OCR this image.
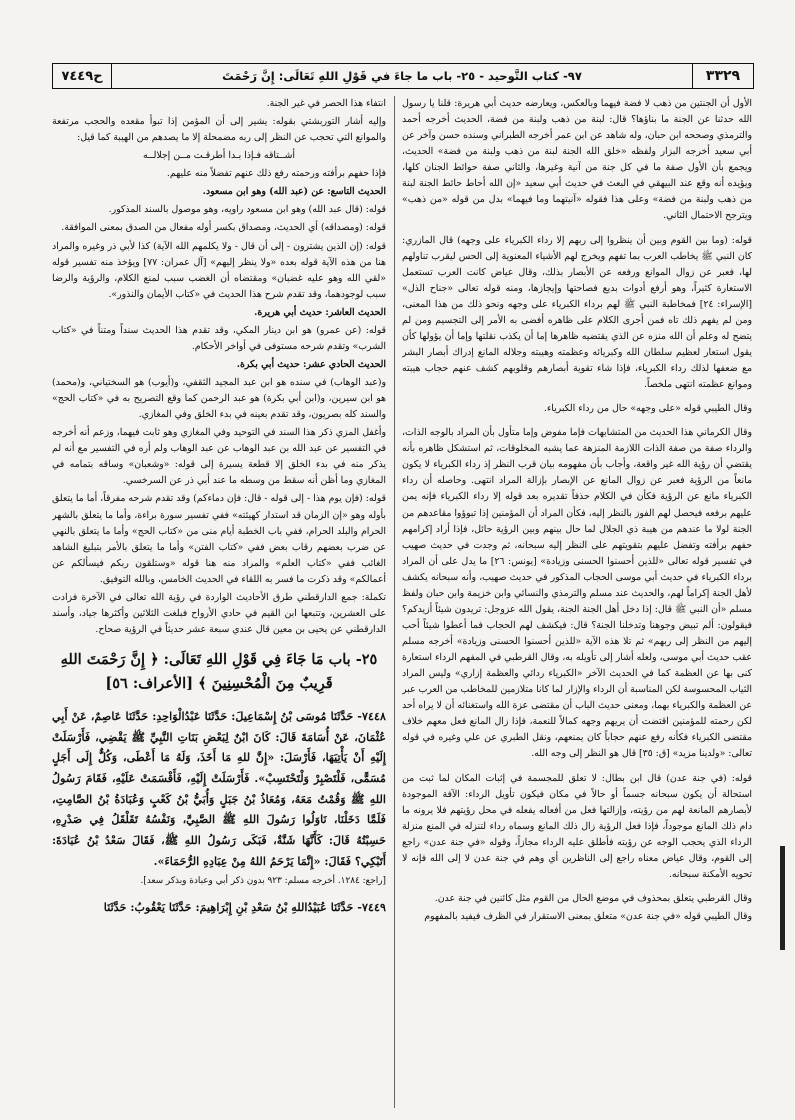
٣٣٢٩
٩٧- كتاب التَّوحيد - ٢٥- باب ما جاءَ في قَوْلِ اللهِ تَعَالَى: إِنَّ رَحْمَتَ
ح٧٤٤٩

الأول أن الجنتين من ذهب لا فضة فيهما وبالعكس، ويعارضه حديث أبي هريرة: قلنا يا رسول الله حدثنا عن الجنة ما بناؤها؟ قال: لبنة من ذهب ولبنة من فضة، الحديث أخرجه أحمد والترمذي وصححه ابن حبان، وله شاهد عن ابن عمر أخرجه الطبراني وسنده حسن وآخر عن أبي سعيد أخرجه البزار ولفظه «خلق الله الجنة لبنة من ذهب ولبنة من فضة» الحديث، ويجمع بأن الأول صفة ما في كل جنة من آنية وغيرها، والثاني صفة حوائط الجنان كلها، ويؤيده أنه وقع عند البيهقي في البعث في حديث أبي سعيد «إن الله أحاط حائط الجنة لبنة من ذهب ولبنة من فضة» وعلى هذا فقوله «آنيتهما وما فيهما» بدل من قوله «من ذهب» ويترجح الاحتمال الثاني.

قوله: (وما بين القوم وبين أن ينظروا إلى ربهم إلا رداء الكبرياء على وجهه) قال المازري: كان النبي ﷺ يخاطب العرب بما تفهم ويخرج لهم الأشياء المعنوية إلى الحس ليقرب تناولهم لها، فعبر عن زوال الموانع ورفعه عن الأبصار بذلك، وقال عياض كانت العرب تستعمل الاستعارة كثيراً، وهو أرفع أدوات بديع فصاحتها وإيجازها، ومنه قوله تعالى «جناح الذل» [الإسراء: ٢٤] فمخاطبة النبي ﷺ لهم برداء الكبرياء على وجهه ونحو ذلك من هذا المعنى، ومن لم يفهم ذلك تاه فمن أجرى الكلام على ظاهره أفضى به الأمر إلى التجسيم ومن لم يتضح له وعلم أن الله منزه عن الذي يقتضيه ظاهرها إما أن يكذب نقلتها وإما أن يؤولها كأن يقول استعار لعظيم سلطان الله وكبريائه وعظمته وهيبته وجلاله المانع إدراك أبصار البشر مع ضعفها لذلك رداء الكبرياء، فإذا شاء تقوية أبصارهم وقلوبهم كشف عنهم حجاب هيبته وموانع عظمته انتهى ملخصاً.

وقال الطيبي قوله «على وجهه» حال من رداء الكبرياء.

وقال الكرماني هذا الحديث من المتشابهات فإما مفوض وإما متأول بأن المراد بالوجه الذات، والرداء صفة من صفة الذات اللازمة المنزهة عما يشبه المخلوقات، ثم استشكل ظاهره بأنه يقتضي أن رؤية الله غير واقعة، وأجاب بأن مفهومه بيان قرب النظر إذ رداء الكبرياء لا يكون مانعاً من الرؤية فعبر عن زوال المانع عن الإبصار بإزالة المراد انتهى. وحاصله أن رداء الكبرياء مانع عن الرؤية فكأن في الكلام حذفاً تقديره بعد قوله إلا رداء الكبرياء فإنه يمن عليهم برفعه فيحصل لهم الفوز بالنظر إليه، فكأن المراد أن المؤمنين إذا تبوؤوا مقاعدهم من الجنة لولا ما عندهم من هيبة ذي الجلال لما حال بينهم وبين الرؤية حائل، فإذا أراد إكرامهم حفهم برأفته وتفضل عليهم بتقويتهم على النظر إليه سبحانه، ثم وجدت في حديث صهيب في تفسير قوله تعالى «للذين أحسنوا الحسنى وزيادة» [يونس: ٢٦] ما يدل على أن المراد برداء الكبرياء في حديث أبي موسى الحجاب المذكور في حديث صهيب، وأنه سبحانه يكشف لأهل الجنة إكراماً لهم، والحديث عند مسلم والترمذي والنسائي وابن خزيمة وابن حبان ولفظ مسلم «أن النبي ﷺ قال: إذا دخل أهل الجنة الجنة، يقول الله عزوجل: تريدون شيئاً أزيدكم؟ فيقولون: ألم تبيض وجوهنا وتدخلنا الجنة؟ قال: فيكشف لهم الحجاب فما أعطوا شيئاً أحب إليهم من النظر إلى ربهم» ثم تلا هذه الآية «للذين أحسنوا الحسنى وزيادة» أخرجه مسلم عقب حديث أبي موسى، ولعله أشار إلى تأويله به، وقال القرطبي في المفهم الرداء استعارة كنى بها عن العظمة كما في الحديث الآخر «الكبرياء ردائي والعظمة إزاري» وليس المراد الثياب المحسوسة لكن المناسبة أن الرداء والإزار لما كانا متلازمين للمخاطب من العرب عبر عن العظمة والكبرياء بهما، ومعنى حديث الباب أن مقتضى عزة الله واستغنائه أن لا يراه أحد لكن رحمته للمؤمنين اقتضت أن يريهم وجهه كمالاً للنعمة، فإذا زال المانع فعل معهم خلاف مقتضى الكبرياء فكأنه رفع عنهم حجاباً كان يمنعهم، ونقل الطبري عن علي وغيره في قوله تعالى: «ولدينا مزيد» [ق: ٣٥] قال هو النظر إلى وجه الله.

قوله: (في جنة عدن) قال ابن بطال: لا تعلق للمجسمة في إثبات المكان لما ثبت من استحالة أن يكون سبحانه جسماً أو حالاً في مكان فيكون تأويل الرداء: الآفة الموجودة لأبصارهم المانعة لهم من رؤيته، وإزالتها فعل من أفعاله يفعله في محل رؤيتهم فلا يرونه ما دام ذلك المانع موجوداً، فإذا فعل الرؤية زال ذلك المانع وسماه رداء لتنزله في المنع منزلة الرداء الذي يحجب الوجه عن رؤيته فأطلق عليه الرداء مجازاً، وقوله «في جنة عدن» راجع إلى القوم، وقال عياض معناه راجع إلى الناظرين أي وهم في جنة عدن لا إلى الله فإنه لا تحويه الأمكنة سبحانه.

وقال القرطبي يتعلق بمحذوف في موضع الحال من القوم مثل كائنين في جنة عدن.

وقال الطيبي قوله «في جنة عدن» متعلق بمعنى الاستقرار في الظرف فيفيد بالمفهوم

انتفاء هذا الحصر في غير الجنة.

وإليه أشار التوربشتي بقوله: يشير إلى أن المؤمن إذا تبوأ مقعده والحجب مرتفعة والموانع التي تحجب عن النظر إلى ربه مضمحلة إلا ما يصدهم من الهيبة كما قيل:

أشــتاقه فـإذا بـدا أطرقـت مــن إجلالــه

فإذا حفهم برأفته ورحمته رفع ذلك عنهم تفضلاً منه عليهم.

الحديث التاسع: عن (عبد الله) وهو ابن مسعود.

قوله: (قال عبد الله) وهو ابن مسعود راويه، وهو موصول بالسند المذكور.

قوله: (ومصداقه) أي الحديث، ومصداق بكسر أوله مفعال من الصدق بمعنى الموافقة.

قوله: (إن الذين يشترون - إلى أن قال - ولا يكلمهم الله الآية) كذا لأبي ذر وغيره والمراد هنا من هذه الآية قوله بعده «ولا ينظر إليهم» [آل عمران: ٧٧] ويؤخذ منه تفسير قوله «لقي الله وهو عليه غضبان» ومقتضاه أن الغضب سبب لمنع الكلام، والرؤية والرضا سبب لوجودهما، وقد تقدم شرح هذا الحديث في «كتاب الأيمان والنذور».

الحديث العاشر: حديث أبي هريرة.

قوله: (عن عمرو) هو ابن دينار المكي، وقد تقدم هذا الحديث سنداً ومتناً في «كتاب الشرب» وتقدم شرحه مستوفى في أواخر الأحكام.

الحديث الحادي عشر: حديث أبي بكرة.

و(عبد الوهاب) في سنده هو ابن عبد المجيد الثقفي، و(أيوب) هو السختياني، و(محمد) هو ابن سيرين، و(ابن أبي بكرة) هو عبد الرحمن كما وقع التصريح به في «كتاب الحج» والسند كله بصريون، وقد تقدم بعينه في بدء الخلق وفي المغازي.

وأغفل المزي ذكر هذا السند في التوحيد وفي المغازي وهو ثابت فيهما، وزعم أنه أخرجه في التفسير عن عبد الله بن عبد الوهاب عن عبد الوهاب ولم أره في التفسير مع أنه لم يذكر منه في بدء الخلق إلا قطعة يسيرة إلى قوله: «وشعبان» وساقه بتمامه في المغازي وما أظن أنه سقط من وسطه ما عند أبي ذر عن السرخسي.

قوله: (فإن يوم هذا - إلى قوله - قال: فإن دماءكم) وقد تقدم شرحه مفرقاً، أما ما يتعلق بأوله وهو «إن الزمان قد استدار كهيئته» ففي تفسير سورة براءة، وأما ما يتعلق بالشهر الحرام والبلد الحرام، ففي باب الخطبة أيام منى من «كتاب الحج» وأما ما يتعلق بالنهي عن ضرب بعضهم رقاب بعض ففي «كتاب الفتن» وأما ما يتعلق بالأمر بتبليغ الشاهد الغائب ففي «كتاب العلم» والمراد منه هنا قوله «وستلقون ربكم فيسألكم عن أعمالكم» وقد ذكرت ما فسر به اللقاء في الحديث الخامس، وبالله التوفيق.

تكملة: جمع الدارقطني طرق الأحاديث الواردة في رؤية الله تعالى في الآخرة فزادت على العشرين، وتتبعها ابن القيم في حادي الأرواح فبلغت الثلاثين وأكثرها جياد، وأسند الدارقطني عن يحيى بن معين قال عندي سبعة عشر حديثاً في الرؤية صحاح.

٢٥- باب مَا جَاءَ فِي قَوْلِ اللهِ تَعَالَى: ﴿ إِنَّ رَحْمَتَ اللهِ قَرِيبٌ مِنَ الْمُحْسِنِينَ ﴾ [الأعراف: ٥٦]

٧٤٤٨- حَدَّثَنَا مُوسَى بْنُ إِسْمَاعِيلَ: حَدَّثَنَا عَبْدُالْوَاحِدِ: حَدَّثَنَا عَاصِمٌ، عَنْ أَبِي عُثْمَانَ، عَنْ أُسَامَةَ قَالَ: كَانَ ابْنٌ لِبَعْضِ بَنَاتِ النَّبِيِّ ﷺ يَقْضِي، فَأَرْسَلَتْ إِلَيْهِ أَنْ يَأْتِيَهَا، فَأَرْسَلَ: «إِنَّ للهِ مَا أَخَذَ، وَلَهُ مَا أَعْطَى، وَكُلٌّ إِلَى أَجَلٍ مُسَمًّى، فَلْتَصْبِرْ وَلْتَحْتَسِبْ». فَأَرْسَلَتْ إِلَيْهِ، فَأَقْسَمَتْ عَلَيْهِ، فَقَامَ رَسُولُ اللهِ ﷺ وَقُمْتُ مَعَهُ، وَمُعَاذُ بْنُ جَبَلٍ وَأُبَيُّ بْنُ كَعْبٍ وَعُبَادَةُ بْنُ الصَّامِتِ، فَلَمَّا دَخَلْنَا، نَاوَلُوا رَسُولَ اللهِ ﷺ الصَّبِيَّ، وَنَفْسُهُ تَقَلْقَلُ فِي صَدْرِهِ، حَسِبْتُهُ قَالَ: كَأَنَّهَا شَنَّةٌ، فَبَكَى رَسُولُ اللهِ ﷺ، فَقَالَ سَعْدُ بْنُ عُبَادَةَ: أَتَبْكِي؟ فَقَالَ: «إِنَّمَا يَرْحَمُ اللهُ مِنْ عِبَادِهِ الرُّحَمَاءَ».

[راجع: ١٢٨٤. أخرجه مسلم: ٩٢٣ بدون ذكر أبي وعبادة وبذكر سعد].

٧٤٤٩- حَدَّثَنَا عُبَيْدُاللهِ بْنُ سَعْدِ بْنِ إِبْرَاهِيمَ: حَدَّثَنَا يَعْقُوبُ: حَدَّثَنَا
